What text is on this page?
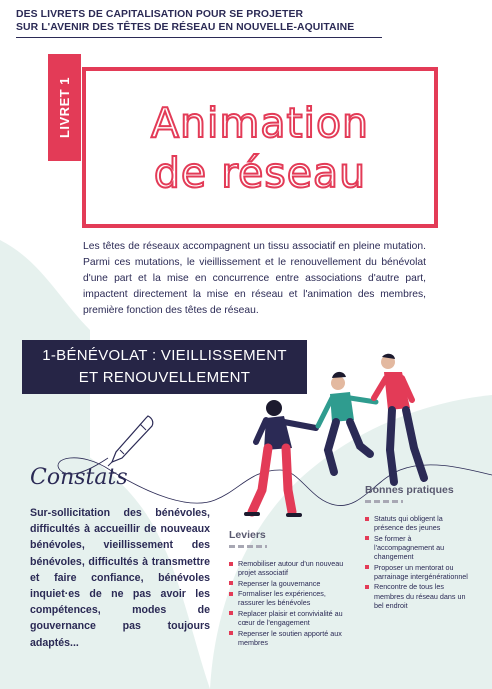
DES LIVRETS DE CAPITALISATION POUR SE PROJETER
SUR L'AVENIR DES TÊTES DE RÉSEAU EN NOUVELLE-AQUITAINE
LIVRET 1 Animation
de réseau

Les têtes de réseaux accompagnent un tissu associatif en pleine mutation. Parmi ces mutations, le vieillissement et le renouvellement du bénévolat d'une part et la mise en concurrence entre associations d'autre part, impactent directement la mise en réseau et l'animation des membres, première fonction des têtes de réseau.

1-BÉNÉVOLAT : VIEILLISSEMENT
ET RENOUVELLEMENT
Constats

Sur-sollicitation des bénévoles, difficultés à accueillir de nouveaux bénévoles, vieillissement des bénévoles, difficultés à transmettre et faire confiance, bénévoles inquiet·es de ne pas avoir les compétences, modes de gouvernance pas toujours adaptés...

Leviers
Remobiliser autour d'un nouveau projet associatif
Repenser la gouvernance
Formaliser les expériences, rassurer les bénévoles
Replacer plaisir et convivialité au cœur de l'engagement
Repenser le soutien apporté aux membres
Bonnes pratiques
Statuts qui obligent la présence des jeunes
Se former à l'accompagnement au changement
Proposer un mentorat ou parrainage intergénérationnel
Rencontre de tous les membres du réseau dans un bel endroit
